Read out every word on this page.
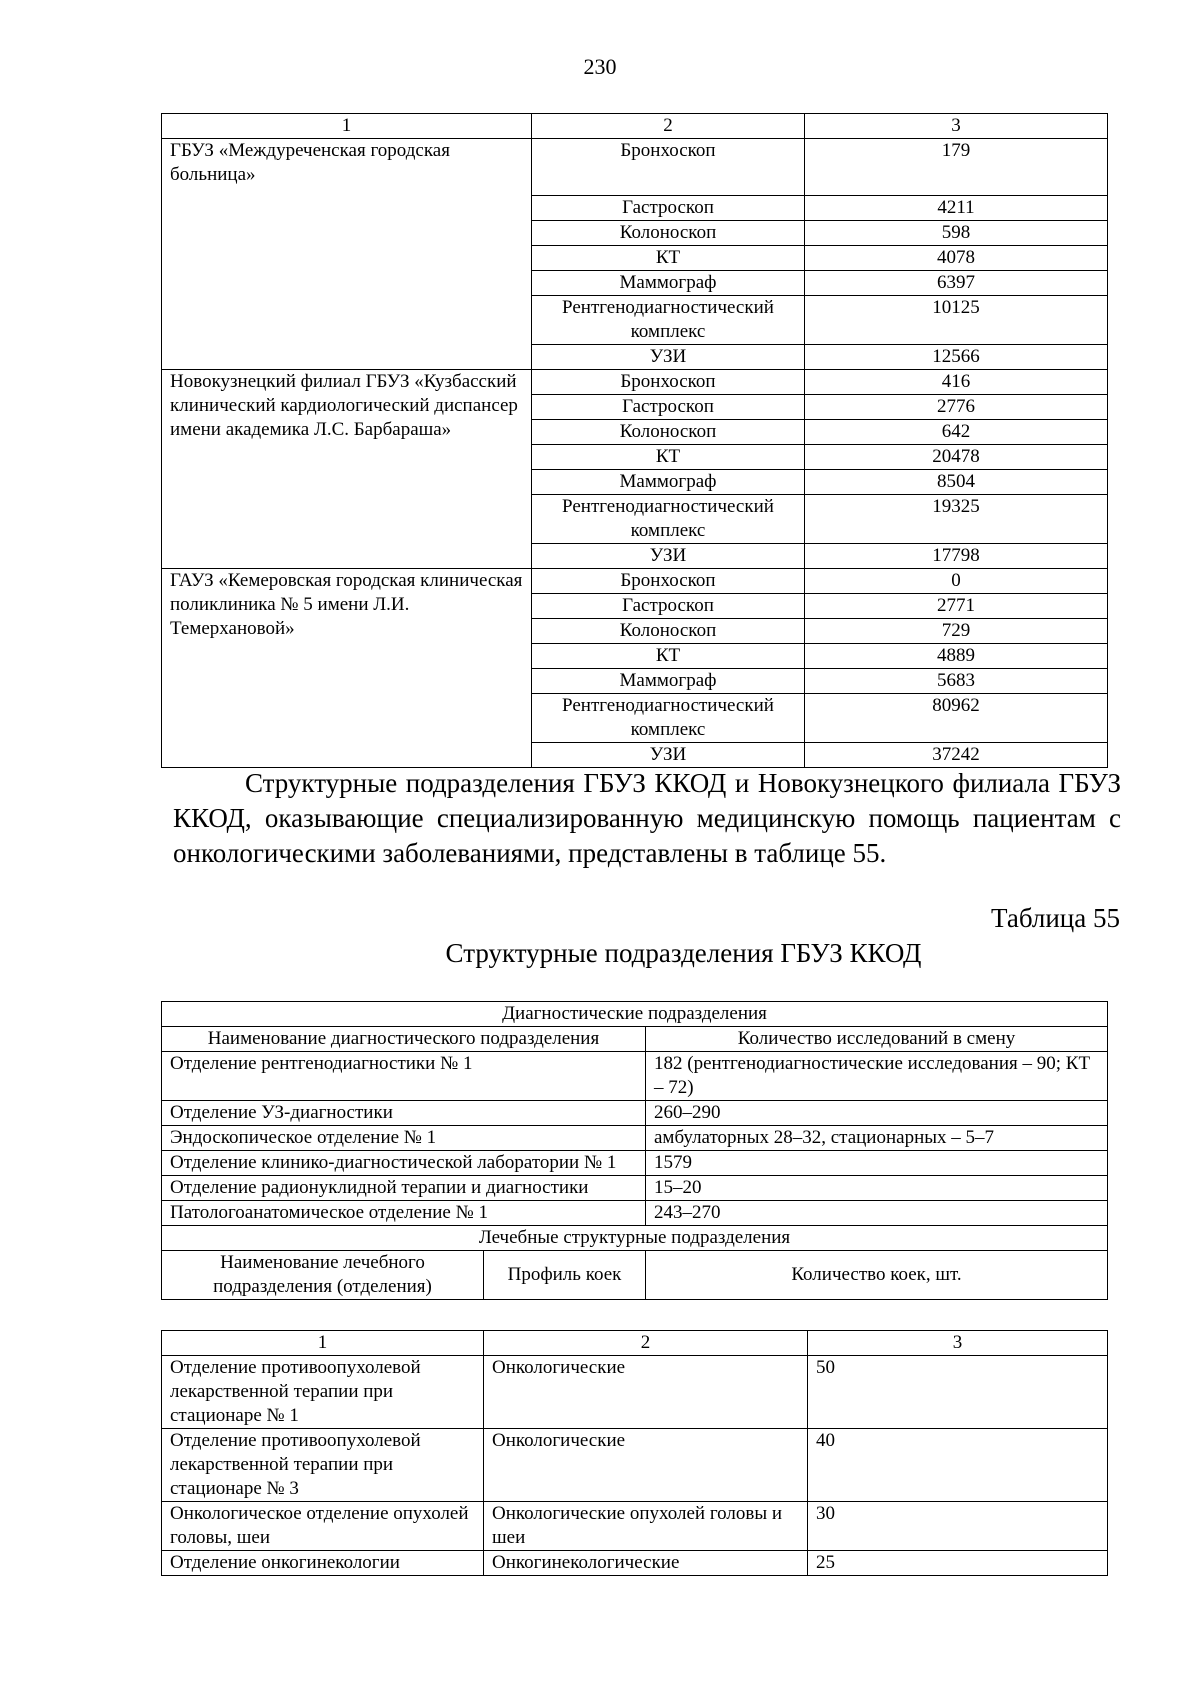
230
1	2	3
ГБУЗ «Междуреченская городская больница»	Бронхоскоп	179
	Гастроскоп	4211
	Колоноскоп	598
	КТ	4078
	Маммограф	6397
	Рентгенодиагностический комплекс	10125
	УЗИ	12566
Новокузнецкий филиал ГБУЗ «Кузбасский клинический кардиологический диспансер имени академика Л.С. Барбараша»	Бронхоскоп	416
	Гастроскоп	2776
	Колоноскоп	642
	КТ	20478
	Маммограф	8504
	Рентгенодиагностический комплекс	19325
	УЗИ	17798
ГАУЗ «Кемеровская городская клиническая поликлиника № 5 имени Л.И. Темерхановой»	Бронхоскоп	0
	Гастроскоп	2771
	Колоноскоп	729
	КТ	4889
	Маммограф	5683
	Рентгенодиагностический комплекс	80962
	УЗИ	37242
Структурные подразделения ГБУЗ ККОД и Новокузнецкого филиала ГБУЗ ККОД, оказывающие специализированную медицинскую помощь пациентам с онкологическими заболеваниями, представлены в таблице 55.
Таблица 55
Структурные подразделения ГБУЗ ККОД
Диагностические подразделения		
Наименование диагностического подразделения		Количество исследований в смену
Отделение рентгенодиагностики № 1		182 (рентгенодиагностические исследования – 90; КТ – 72)
Отделение УЗ-диагностики		260–290
Эндоскопическое отделение № 1		амбулаторных 28–32, стационарных – 5–7
Отделение клинико-диагностической лаборатории № 1		1579
Отделение радионуклидной терапии и диагностики		15–20
Патологоанатомическое отделение № 1		243–270
Лечебные структурные подразделения		
Наименование лечебного подразделения (отделения)	Профиль коек	Количество коек, шт.
1	2	3
Отделение противоопухолевой лекарственной терапии при стационаре № 1	Онкологические	50
Отделение противоопухолевой лекарственной терапии при стационаре № 3	Онкологические	40
Онкологическое отделение опухолей головы, шеи	Онкологические опухолей головы и шеи	30
Отделение онкогинекологии	Онкогинекологические	25
